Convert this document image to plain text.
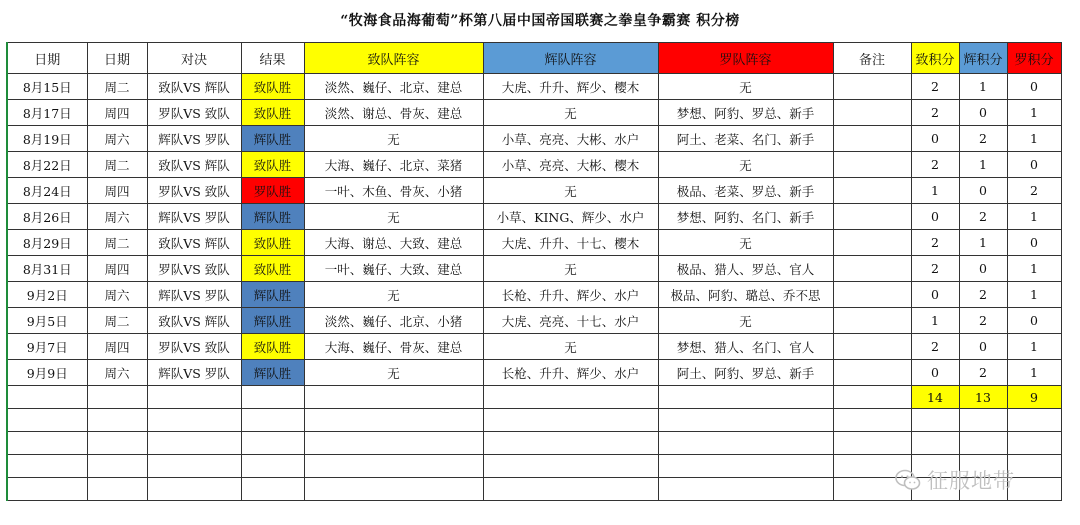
“牧海食品海葡萄”杯第八届中国帝国联赛之拳皇争霸赛 积分榜
日期	日期	对决	结果	致队阵容	辉队阵容	罗队阵容	备注	致积分	辉积分	罗积分
8月15日	周二	致队VS 辉队	致队胜	淡然、巍仔、北京、建总	大虎、升升、辉少、樱木	无		2	1	0
8月17日	周四	罗队VS 致队	致队胜	淡然、谢总、骨灰、建总	无	梦想、阿豹、罗总、新手		2	0	1
8月19日	周六	辉队VS 罗队	辉队胜	无	小草、亮亮、大彬、水户	阿土、老菜、名门、新手		0	2	1
8月22日	周二	致队VS 辉队	致队胜	大海、巍仔、北京、菜猪	小草、亮亮、大彬、樱木	无		2	1	0
8月24日	周四	罗队VS 致队	罗队胜	一叶、木鱼、骨灰、小猪	无	极品、老菜、罗总、新手		1	0	2
8月26日	周六	辉队VS 罗队	辉队胜	无	小草、KING、辉少、水户	梦想、阿豹、名门、新手		0	2	1
8月29日	周二	致队VS 辉队	致队胜	大海、谢总、大致、建总	大虎、升升、十七、樱木	无		2	1	0
8月31日	周四	罗队VS 致队	致队胜	一叶、巍仔、大致、建总	无	极品、猎人、罗总、官人		2	0	1
9月2日	周六	辉队VS 罗队	辉队胜	无	长枪、升升、辉少、水户	极品、阿豹、璐总、乔不思		0	2	1
9月5日	周二	致队VS 辉队	辉队胜	淡然、巍仔、北京、小猪	大虎、亮亮、十七、水户	无		1	2	0
9月7日	周四	罗队VS 致队	致队胜	大海、巍仔、骨灰、建总	无	梦想、猎人、名门、官人		2	0	1
9月9日	周六	辉队VS 罗队	辉队胜	无	长枪、升升、辉少、水户	阿土、阿豹、罗总、新手		0	2	1
								14	13	9

征服地带
